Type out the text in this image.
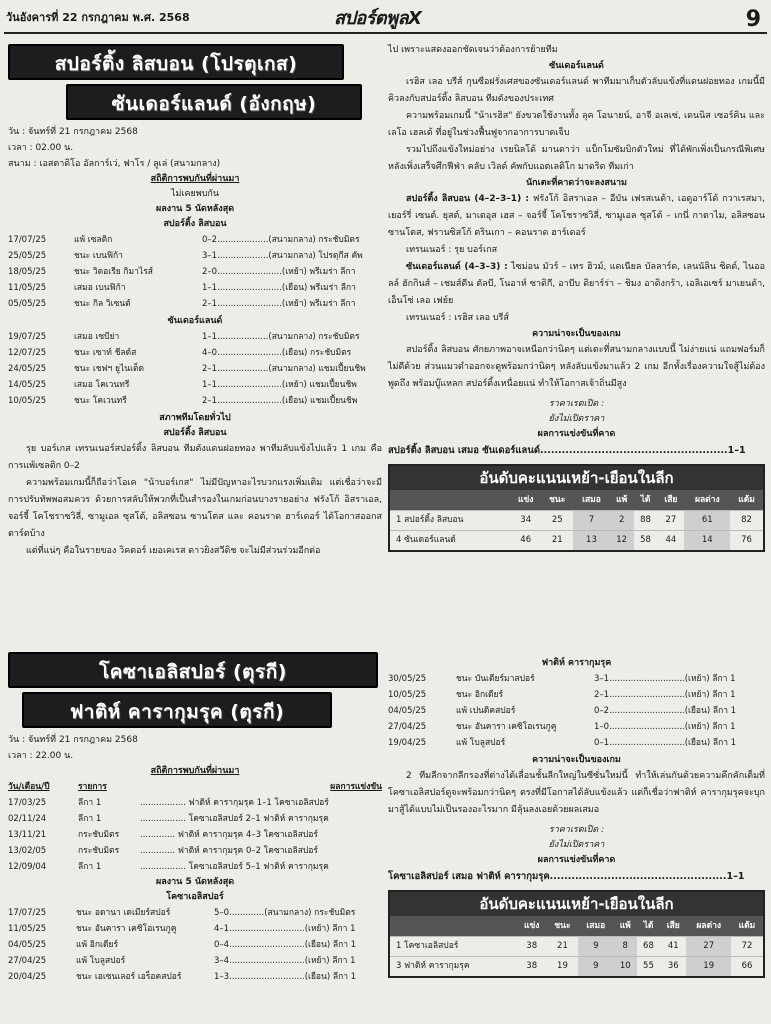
วันอังคารที่ 22 กรกฎาคม พ.ศ. 2568	สปอร์ตพูลX	9
สปอร์ติ้ง ลิสบอน (โปรตุเกส)
ซันเดอร์แลนด์ (อังกฤษ)
วัน : จันทร์ที่ 21 กรกฎาคม 2568
เวลา : 02.00 น.
สนาม : เอสตาดิโอ อัลการ์เว่, ฟาโร / ลูเล่ (สนามกลาง)
สถิติการพบกันที่ผ่านมา
ไม่เคยพบกัน
ผลงาน 5 นัดหลังสุด
สปอร์ติ้ง ลิสบอน
17/07/25	แพ้ เซลติก	0–2...................(สนามกลาง) กระชับมิตร
25/05/25	ชนะ เบนฟิก้า	3–1...................(สนามกลาง) โปรตุกีส คัพ
18/05/25	ชนะ วิตอเรีย กิมาไรส์	2–0........................(เหย้า) พรีเมร่า ลีกา
11/05/25	เสมอ เบนฟิก้า	1–1........................(เยือน) พรีเมร่า ลีกา
05/05/25	ชนะ กิล วิเซนต์	2–1........................(เหย้า) พรีเมร่า ลีกา
ซันเดอร์แลนด์
19/07/25	เสมอ เซบีย่า	1–1...................(สนามกลาง) กระชับมิตร
12/07/25	ชนะ เซาท์ ชีลด์ส	4–0........................(เยือน) กระชับมิตร
24/05/25	ชนะ เชฟฯ ยูไนเต็ด	2–1...................(สนามกลาง) แชมเปี้ยนชิพ
14/05/25	เสมอ โคเวนทรี	1–1........................(เหย้า) แชมเปี้ยนชิพ
10/05/25	ชนะ โคเวนทรี	2–1........................(เยือน) แชมเปี้ยนชิพ
สภาพทีมโดยทั่วไป
สปอร์ติ้ง ลิสบอน

รุย บอร์เกส เทรนเนอร์สปอร์ติ้ง ลิสบอน ทีมดังแดนฝอยทอง พาทีมลับแข้งไปแล้ว 1 เกม คือการแพ้เซลติก 0–2

ความพร้อมเกมนี้ก็ถือว่าโอเค "น้าบอร์เกส" ไม่มีปัญหาอะไรบวกแรงเพิ่มเติม แต่เชื่อว่าจะมีการปรับทัพพอสมควร ด้วยการสลับให้พวกที่เป็นสำรองในเกมก่อนบางรายอย่าง ฟรังโก้ อิสราเอล, จอร์จี้ โคโชราซวิลี่, ซามูเอล ซุสโต้, อลิสซอน ซานโตส และ คอนราด ฮาร์เดอร์ ได้โอกาสออกสตาร์ตบ้าง

แต่ที่แน่ๆ คือในรายของ วิคตอร์ เยอเคเรส ดาวยิงสวีดิช จะไม่มีส่วนร่วมอีกต่อ

ไป เพราะแสดงออกชัดเจนว่าต้องการย้ายทีม

ซันเดอร์แลนด์

เรฮิส เลอ บรีส์ กุนซือฝรั่งเศสของซันเดอร์แลนด์ พาทีมมาเก็บตัวลับแข้งที่แดนฝอยทอง เกมนี้มีคิวลงกับสปอร์ติ้ง ลิสบอน ทีมดังของประเทศ

ความพร้อมเกมนี้ "น้าเรฮิส" ยังขวดใช้งานทั้ง ลุค โอนายน์, อาจี อเลเซ่, เดนนิส เซอร์คิน และ เลโอ เฮลเด้ ที่อยู่ในช่วงฟื้นฟูจากอาการบาดเจ็บ

รวมไปถึงแข้งใหม่อย่าง เรยนิลโด้ มานดาว่า แบ็กโมซัมบิกตัวใหม่ ที่ได้พักเพิ่งเป็นกรณีพิเศษ หลังเพิ่งเสร็จศึกฟีฟ่า คลับ เวิลด์ คัพกับแอตเลติโก มาดริด ทีมเก่า

นักเตะที่คาดว่าจะลงสนาม

สปอร์ติ้ง ลิสบอน (4–2–3–1) : ฟรังโก้ อิสราเอล – อีบัน เฟรสเนด้า, เอดูอาร์โด้ กวาเรสมา, เยอร์รี่ เซนต์. ยุสต์, มาเตอุส เฮส – จอร์จี้ โคโชราซวิลี่, ซามูเอล ซุสโต้ – เกนี่ กาตาไม, อลิสซอน ซานโตส, ฟรานซิสโก้ ตรินเกา – คอนราด ฮาร์เดอร์

เทรนเนอร์ : รุย บอร์เกส

ซันเดอร์แลนด์ (4–3–3) : ไซม่อน มัวร์ – เทร ฮิวม์, แดเนียล บัลลาร์ด, เลนนัลิน ซิดด์, ไนออลล์ ฮักกินส์ – เชมส์ดีน ตัลบี, โนอาห์ ซาดิกี, อาบีบ ดิยาร์ร่า – ชิมง อาดิงกร้า, เอลิเอเซร์ มาเยนด้า, เอ็นโซ่ เลอ เฟย์ย

เทรนเนอร์ : เรฮิส เลอ บรีส์

ความน่าจะเป็นของเกม

สปอร์ติ้ง ลิสบอน ศักยภาพอาจเหนือกว่านิดๆ แต่เตะที่สนามกลางแบบนี้ ไม่ง่ายแน่ แถมฟอร์มก็ไม่ดีด้วย ส่วนแมวดำออกจะดูพร้อมกว่านิดๆ หลังลับแข้งมาแล้ว 2 เกม อีกทั้งเรื่องความใจสู้ไม่ต้องพูดถึง พร้อมบู๊แหลก สปอร์ติ้งเหนื่อยแน่ ทำให้โอกาสเจ้าถิ่นมีสูง

ราคาเรตเปิด :
ยังไม่เปิดราคา
ผลการแข่งขันที่คาด
สปอร์ติ้ง ลิสบอน เสมอ ซันเดอร์แลนด์....................................................1–1
อันดับคะแนนเหย้า-เยือนในลีก
	แข่ง	ชนะ	เสมอ	แพ้	ได้	เสีย	ผลต่าง	แต้ม
1 สปอร์ติ้ง ลิสบอน	34	25	7	2	88	27	61	82
4 ซันเดอร์แลนด์	46	21	13	12	58	44	14	76
โคซาเอลิสปอร์ (ตุรกี)
ฟาติห์ คารากุมรุค (ตุรกี)
วัน : จันทร์ที่ 21 กรกฎาคม 2568
เวลา : 22.00 น.
สถิติการพบกันที่ผ่านมา
วัน/เดือน/ปี	รายการ	ผลการแข่งขัน
17/03/25	ลีกา 1	................. ฟาติห์ คารากุมรุค 1–1 โคซาเอลิสปอร์
02/11/24	ลีกา 1	................. โคซาเอลิสปอร์ 2–1 ฟาติห์ คารากุมรุค
13/11/21	กระชับมิตร	............. ฟาติห์ คารากุมรุค 4–3 โคซาเอลิสปอร์
13/02/05	กระชับมิตร	............. ฟาติห์ คารากุมรุค 0–2 โคซาเอลิสปอร์
12/09/04	ลีกา 1	................. โคซาเอลิสปอร์ 5–1 ฟาติห์ คารากุมรุค
ผลงาน 5 นัดหลังสุด
โคซาเอลิสปอร์
17/07/25	ชนะ อดานา เดเมียร์สปอร์	5–0.............(สนามกลาง) กระชับมิตร
11/05/25	ชนะ อันคารา เคซิโอเรนกูคู	4–1............................(เหย้า) ลีกา 1
04/05/25	แพ้ อิกเดียร์	0–4............................(เยือน) ลีกา 1
27/04/25	แพ้ โบลูสปอร์	3–4............................(เหย้า) ลีกา 1
20/04/25	ชนะ เอเซนเลอร์ เอร็อคสปอร์	1–3............................(เยือน) ลีกา 1
ฟาติห์ คารากุมรุค
30/05/25	ชนะ บันเดียร์มาสปอร์	3–1............................(เหย้า) ลีกา 1
10/05/25	ชนะ อิกเดียร์	2–1............................(เหย้า) ลีกา 1
04/05/25	แพ้ เปนดิคสปอร์	0–2............................(เยือน) ลีกา 1
27/04/25	ชนะ อันคารา เคซิโอเรนกูคู	1–0............................(เหย้า) ลีกา 1
19/04/25	แพ้ โบลูสปอร์	0–1............................(เยือน) ลีกา 1
ความน่าจะเป็นของเกม

2 ทีมลีกจากลีกรองที่ต่างได้เลื่อนชั้นลีกใหญ่ในซีซั่นใหม่นี้ ทำให้เล่นกันด้วยความคึกคักเต็มที่ โคซาเอลิสปอร์ดูจะพร้อมกว่านิดๆ ตรงที่มีโอกาสได้ลับแข้งแล้ว แต่ก็เชื่อว่าฟาติห์ คารากุมรุคจะบุกมาสู้ได้แบบไม่เป็นรองอะไรมาก มีลุ้นลงเอยด้วยผลเสมอ

ราคาเรตเปิด :
ยังไม่เปิดราคา
ผลการแข่งขันที่คาด
โคซาเอลิสปอร์ เสมอ ฟาติห์ คารากุมรุค.................................................1–1
อันดับคะแนนเหย้า-เยือนในลีก
	แข่ง	ชนะ	เสมอ	แพ้	ได้	เสีย	ผลต่าง	แต้ม
1 โคซาเอลิสปอร์	38	21	9	8	68	41	27	72
3 ฟาติห์ คารากุมรุค	38	19	9	10	55	36	19	66
